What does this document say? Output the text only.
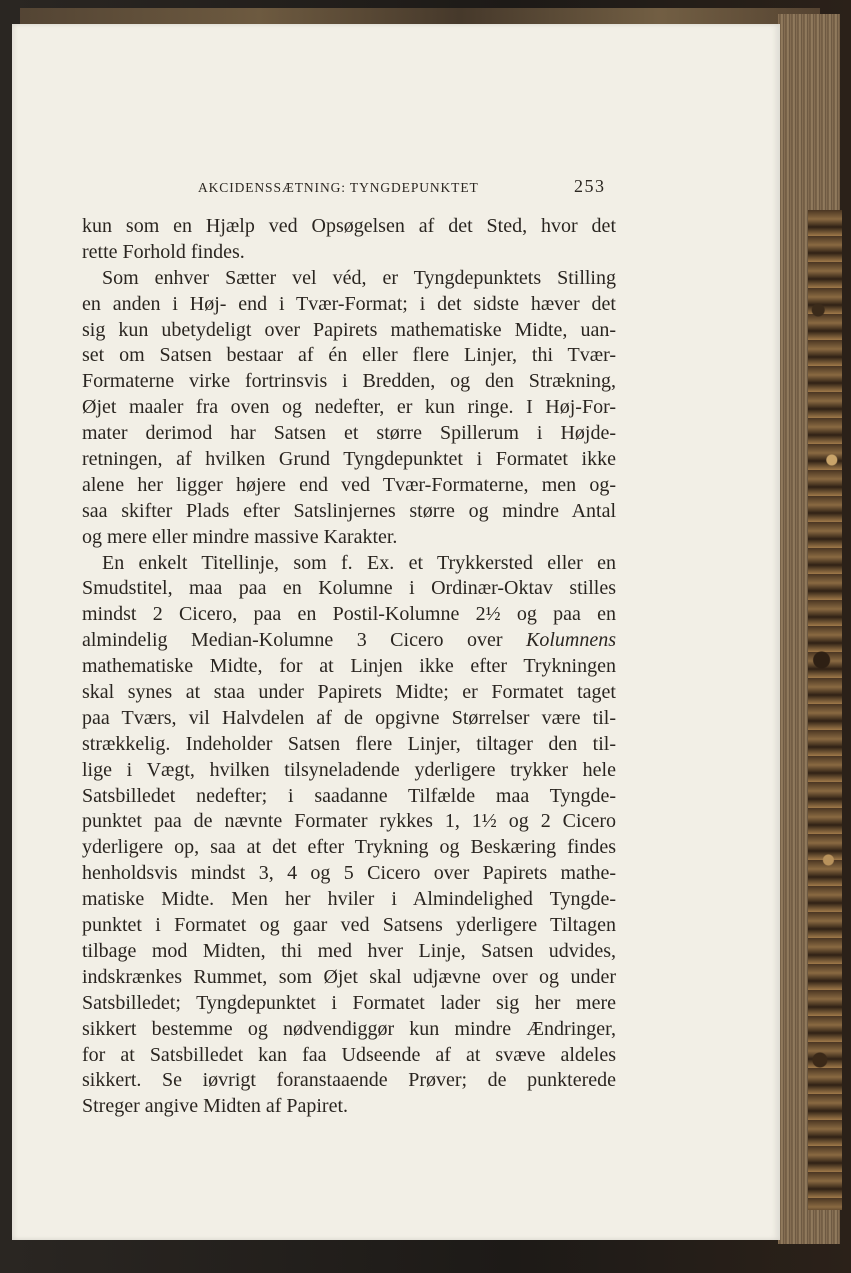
AKCIDENSSÆTNING: TYNGDEPUNKTET	253
kun som en Hjælp ved Opsøgelsen af det Sted, hvor det
rette Forhold findes.
Som enhver Sætter vel véd, er Tyngdepunktets Stilling
en anden i Høj- end i Tvær-Format; i det sidste hæver det
sig kun ubetydeligt over Papirets mathematiske Midte, uan-
set om Satsen bestaar af én eller flere Linjer, thi Tvær-
Formaterne virke fortrinsvis i Bredden, og den Strækning,
Øjet maaler fra oven og nedefter, er kun ringe. I Høj-For-
mater derimod har Satsen et større Spillerum i Højde-
retningen, af hvilken Grund Tyngdepunktet i Formatet ikke
alene her ligger højere end ved Tvær-Formaterne, men og-
saa skifter Plads efter Satslinjernes større og mindre Antal
og mere eller mindre massive Karakter.
En enkelt Titellinje, som f. Ex. et Trykkersted eller en
Smudstitel, maa paa en Kolumne i Ordinær-Oktav stilles
mindst 2 Cicero, paa en Postil-Kolumne 2½ og paa en
almindelig Median-Kolumne 3 Cicero over Kolumnens
mathematiske Midte, for at Linjen ikke efter Trykningen
skal synes at staa under Papirets Midte; er Formatet taget
paa Tværs, vil Halvdelen af de opgivne Størrelser være til-
strækkelig. Indeholder Satsen flere Linjer, tiltager den til-
lige i Vægt, hvilken tilsyneladende yderligere trykker hele
Satsbilledet nedefter; i saadanne Tilfælde maa Tyngde-
punktet paa de nævnte Formater rykkes 1, 1½ og 2 Cicero
yderligere op, saa at det efter Trykning og Beskæring findes
henholdsvis mindst 3, 4 og 5 Cicero over Papirets mathe-
matiske Midte. Men her hviler i Almindelighed Tyngde-
punktet i Formatet og gaar ved Satsens yderligere Tiltagen
tilbage mod Midten, thi med hver Linje, Satsen udvides,
indskrænkes Rummet, som Øjet skal udjævne over og under
Satsbilledet; Tyngdepunktet i Formatet lader sig her mere
sikkert bestemme og nødvendiggør kun mindre Ændringer,
for at Satsbilledet kan faa Udseende af at svæve aldeles
sikkert. Se iøvrigt foranstaaende Prøver; de punkterede
Streger angive Midten af Papiret.
